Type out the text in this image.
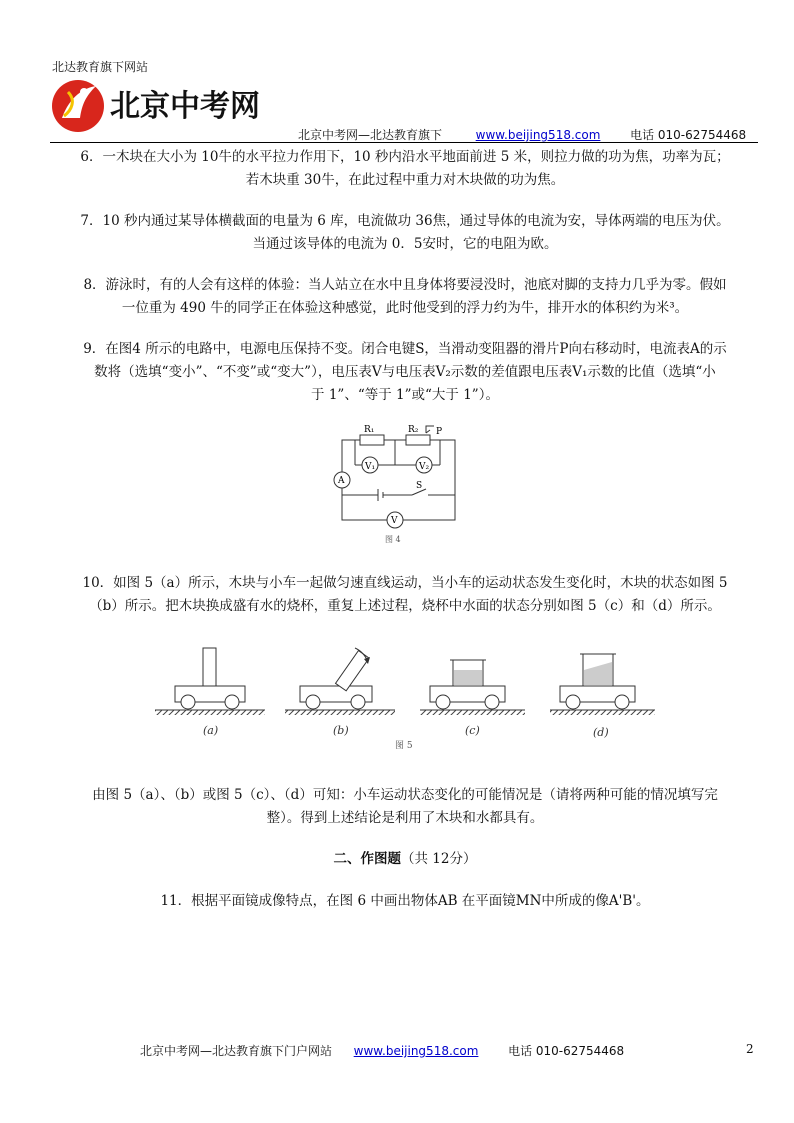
北达教育旗下网站
北京中考网
北京中考网—北达教育旗下	www.beijing518.com 电话 010-62754468
6．一木块在大小为 10牛的水平拉力作用下，10 秒内沿水平地面前进 5 米，则拉力做的功为焦，功率为瓦；
若木块重 30牛，在此过程中重力对木块做的功为焦。
7．10 秒内通过某导体横截面的电量为 6 库，电流做功 36焦，通过导体的电流为安，导体两端的电压为伏。
当通过该导体的电流为 0．5安时，它的电阻为欧。
8．游泳时，有的人会有这样的体验：当人站立在水中且身体将要浸没时，池底对脚的支持力几乎为零。假如
一位重为 490 牛的同学正在体验这种感觉，此时他受到的浮力约为牛，排开水的体积约为米³。
9．在图4 所示的电路中，电源电压保持不变。闭合电键S，当滑动变阻器的滑片P向右移动时，电流表A的示
数将（选填“变小”、“不变”或“变大”），电压表V与电压表V₂示数的差值跟电压表V₁示数的比值（选填“小
于 1”、“等于 1”或“大于 1”）。
R₁	R₂ P
V₁	V₂
A	S
V
图 4
10．如图 5（a）所示，木块与小车一起做匀速直线运动，当小车的运动状态发生变化时，木块的状态如图 5
（b）所示。把木块换成盛有水的烧杯，重复上述过程，烧杯中水面的状态分别如图 5（c）和（d）所示。
(a)	(b)	(c)	(d)
图 5
由图 5（a）、（b）或图 5（c）、（d）可知：小车运动状态变化的可能情况是（请将两种可能的情况填写完
整）。得到上述结论是利用了木块和水都具有。
二、作图题（共 12分）
11．根据平面镜成像特点，在图 6 中画出物体AB 在平面镜MN中所成的像A'B'。
北京中考网—北达教育旗下门户网站 www.beijing518.com 电话 010-62754468	2
